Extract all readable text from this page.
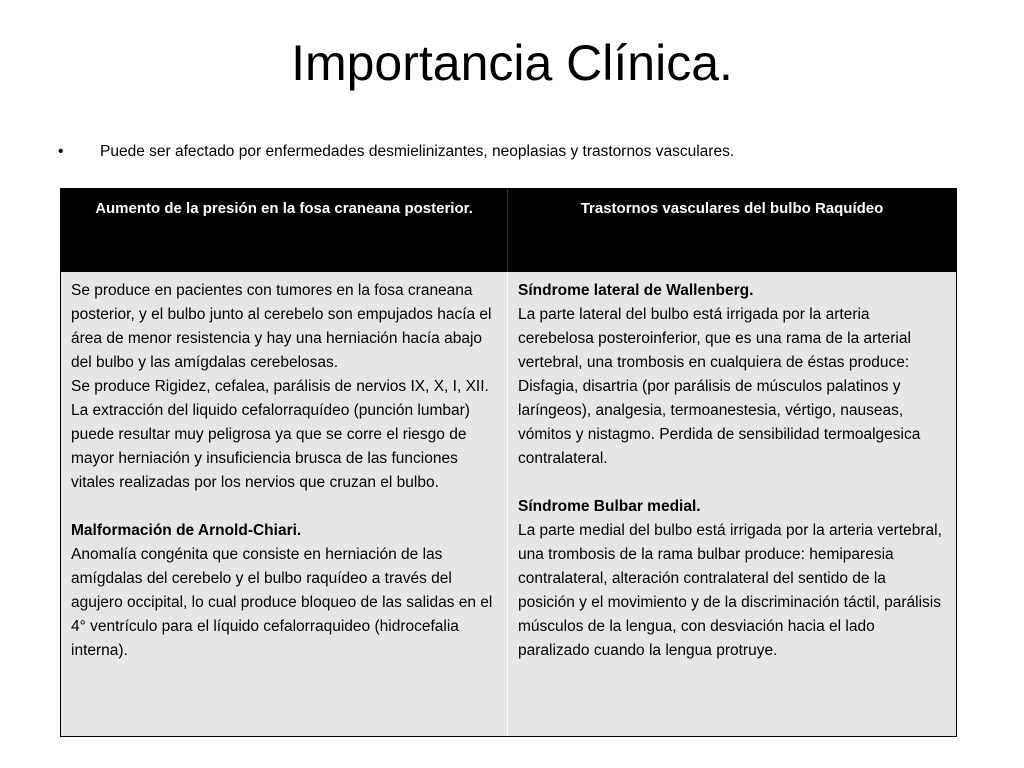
Importancia Clínica.
• Puede ser afectado por enfermedades desmielinizantes, neoplasias y trastornos vasculares.
Aumento de la presión en la fosa craneana posterior.	Trastornos vasculares del bulbo Raquídeo

Se produce en pacientes con tumores en la fosa craneana posterior, y el bulbo junto al cerebelo son empujados hacía el área de menor resistencia y hay una herniación hacía abajo del bulbo y las amígdalas cerebelosas.

Se produce Rigidez, cefalea, parálisis de nervios IX, X, I, XII. La extracción del liquido cefalorraquídeo (punción lumbar) puede resultar muy peligrosa ya que se corre el riesgo de mayor herniación y insuficiencia brusca de las funciones vitales realizadas por los nervios que cruzan el bulbo.

Malformación de Arnold-Chiari.

Anomalía congénita que consiste en herniación de las amígdalas del cerebelo y el bulbo raquídeo a través del agujero occipital, lo cual produce bloqueo de las salidas en el 4° ventrículo para el líquido cefalorraquideo (hidrocefalia interna).

Síndrome lateral de Wallenberg.

La parte lateral del bulbo está irrigada por la arteria cerebelosa posteroinferior, que es una rama de la arterial vertebral, una trombosis en cualquiera de éstas produce: Disfagia, disartria (por parálisis de músculos palatinos y laríngeos), analgesia, termoanestesia, vértigo, nauseas, vómitos y nistagmo. Perdida de sensibilidad termoalgesica contralateral.

Síndrome Bulbar medial.

La parte medial del bulbo está irrigada por la arteria vertebral, una trombosis de la rama bulbar produce: hemiparesia contralateral, alteración contralateral del sentido de la posición y el movimiento y de la discriminación táctil, parálisis músculos de la lengua, con desviación hacia el lado paralizado cuando la lengua protruye.
